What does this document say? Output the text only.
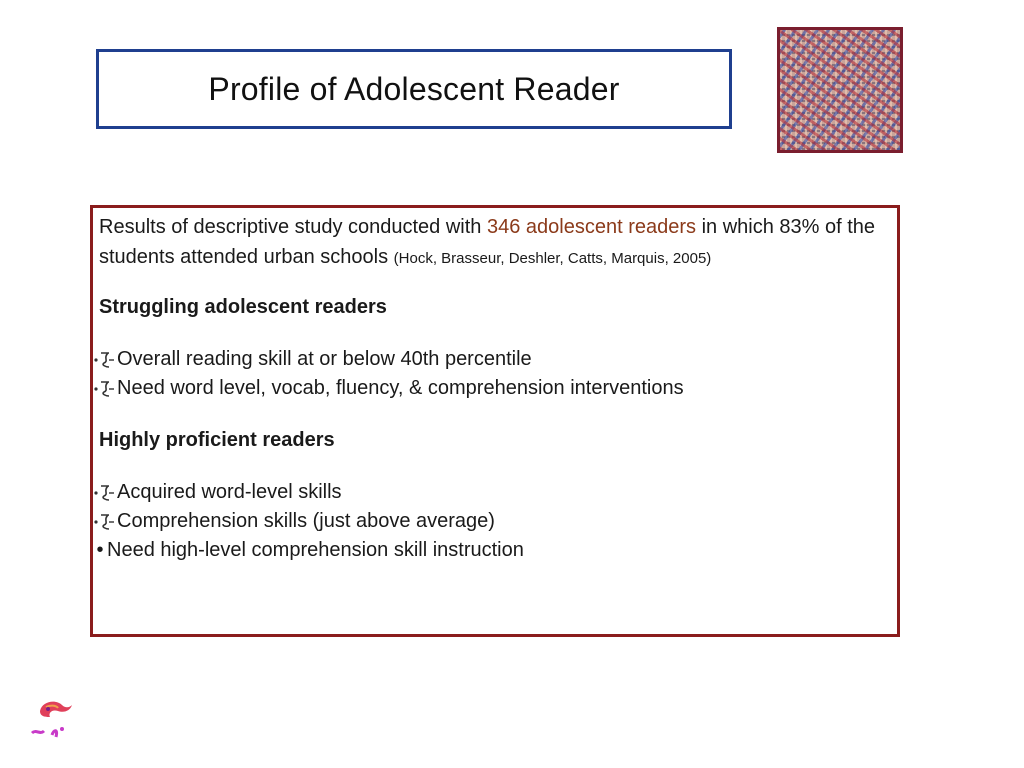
Profile of Adolescent Reader

Results of descriptive study conducted with 346 adolescent readers in which 83% of the students attended urban schools (Hock, Brasseur, Deshler, Catts, Marquis, 2005)

Struggling adolescent readers

Overall reading skill at or below 40th percentile
Need word level, vocab, fluency, & comprehension interventions

Highly proficient readers

Acquired word-level skills
Comprehension skills (just above average)
• Need high-level comprehension skill instruction
